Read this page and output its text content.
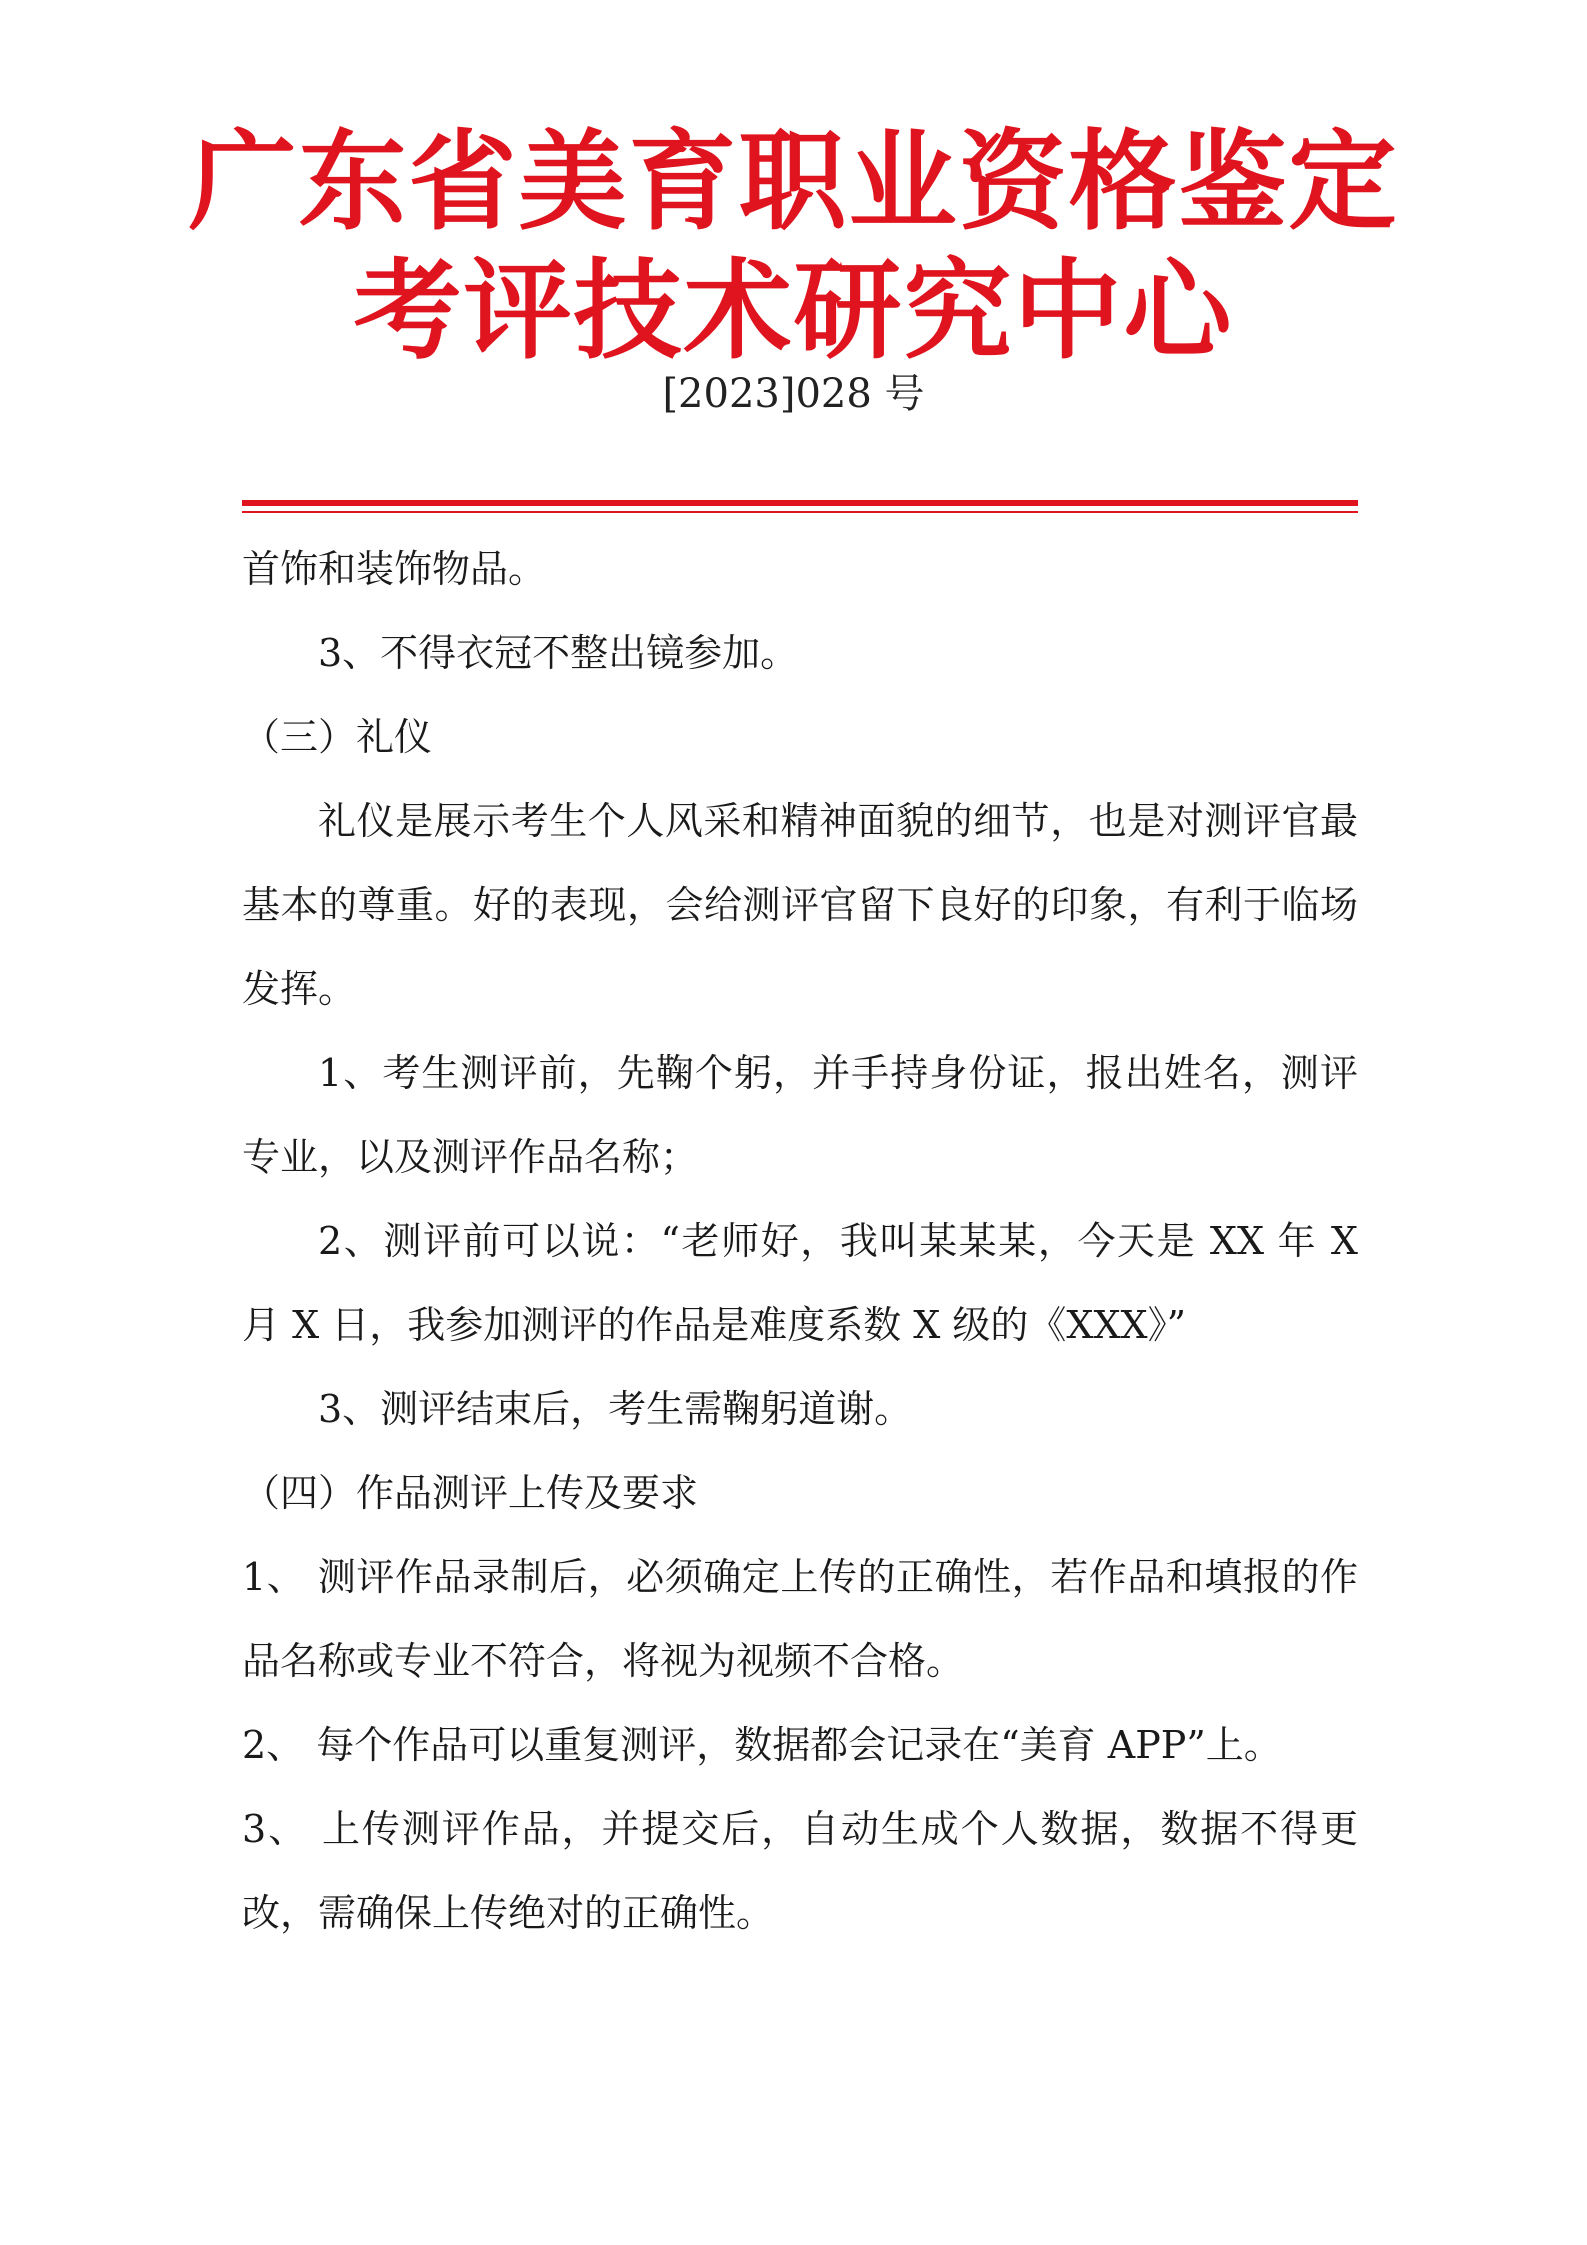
广东省美育职业资格鉴定
考评技术研究中心
[2023]028 号

首饰和装饰物品。

3、不得衣冠不整出镜参加。

（三）礼仪

礼仪是展示考生个人风采和精神面貌的细节，也是对测评官最基本的尊重。好的表现，会给测评官留下良好的印象，有利于临场发挥。

1、考生测评前，先鞠个躬，并手持身份证，报出姓名，测评专业，以及测评作品名称；

2、测评前可以说：“老师好，我叫某某某，今天是 XX 年 X 月 X 日，我参加测评的作品是难度系数 X 级的《XXX》”

3、测评结束后，考生需鞠躬道谢。

（四）作品测评上传及要求

1、 测评作品录制后，必须确定上传的正确性，若作品和填报的作品名称或专业不符合，将视为视频不合格。

2、 每个作品可以重复测评，数据都会记录在“美育 APP”上。

3、 上传测评作品，并提交后，自动生成个人数据，数据不得更改，需确保上传绝对的正确性。
